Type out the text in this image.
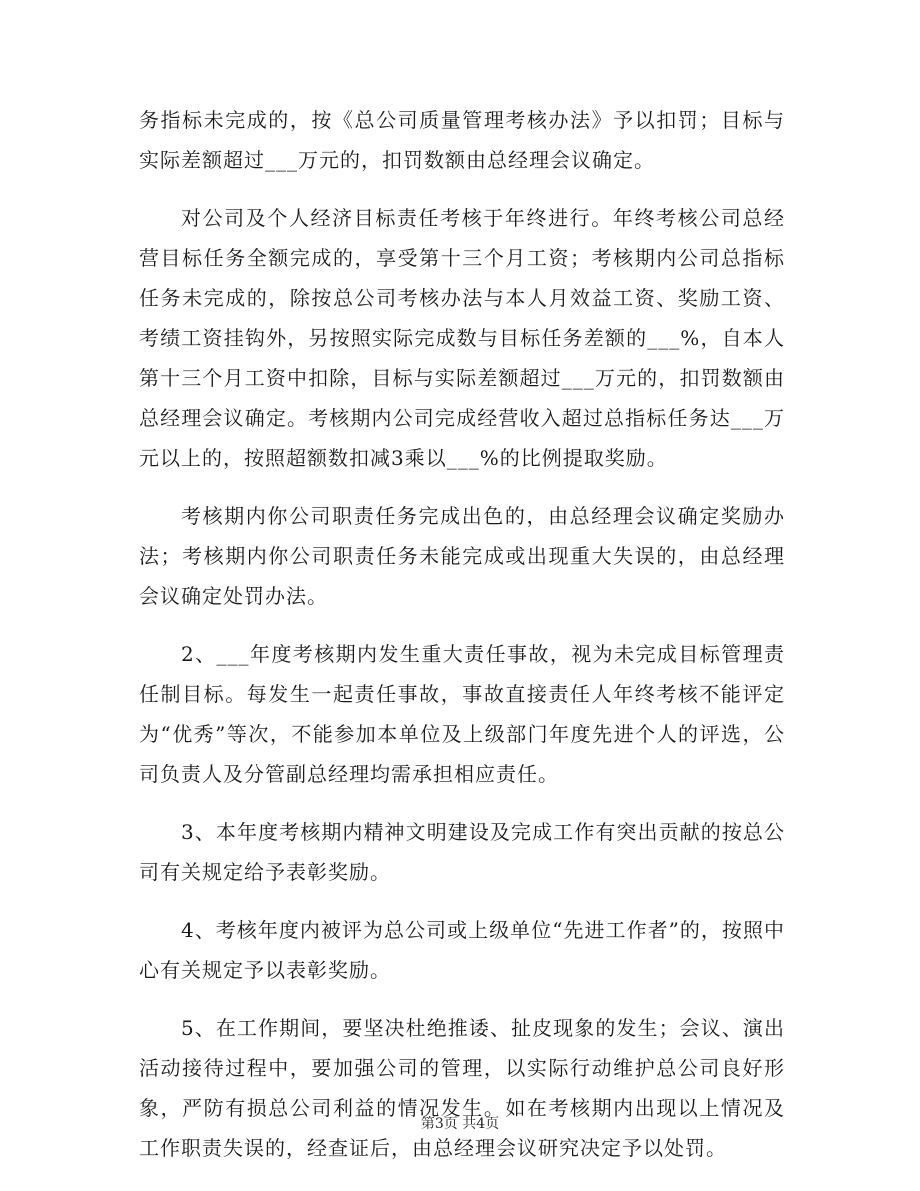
务指标未完成的，按《总公司质量管理考核办法》予以扣罚；目标与实际差额超过___万元的，扣罚数额由总经理会议确定。

对公司及个人经济目标责任考核于年终进行。年终考核公司总经营目标任务全额完成的，享受第十三个月工资；考核期内公司总指标任务未完成的，除按总公司考核办法与本人月效益工资、奖励工资、考绩工资挂钩外，另按照实际完成数与目标任务差额的___%，自本人第十三个月工资中扣除，目标与实际差额超过___万元的，扣罚数额由总经理会议确定。考核期内公司完成经营收入超过总指标任务达___万元以上的，按照超额数扣减3乘以___%的比例提取奖励。

考核期内你公司职责任务完成出色的，由总经理会议确定奖励办法；考核期内你公司职责任务未能完成或出现重大失误的，由总经理会议确定处罚办法。

2、___年度考核期内发生重大责任事故，视为未完成目标管理责任制目标。每发生一起责任事故，事故直接责任人年终考核不能评定为“优秀”等次，不能参加本单位及上级部门年度先进个人的评选，公司负责人及分管副总经理均需承担相应责任。

3、本年度考核期内精神文明建设及完成工作有突出贡献的按总公司有关规定给予表彰奖励。

4、考核年度内被评为总公司或上级单位“先进工作者”的，按照中心有关规定予以表彰奖励。

5、在工作期间，要坚决杜绝推诿、扯皮现象的发生；会议、演出活动接待过程中，要加强公司的管理，以实际行动维护总公司良好形象，严防有损总公司利益的情况发生。如在考核期内出现以上情况及工作职责失误的，经查证后，由总经理会议研究决定予以处罚。

第3页 共4页
